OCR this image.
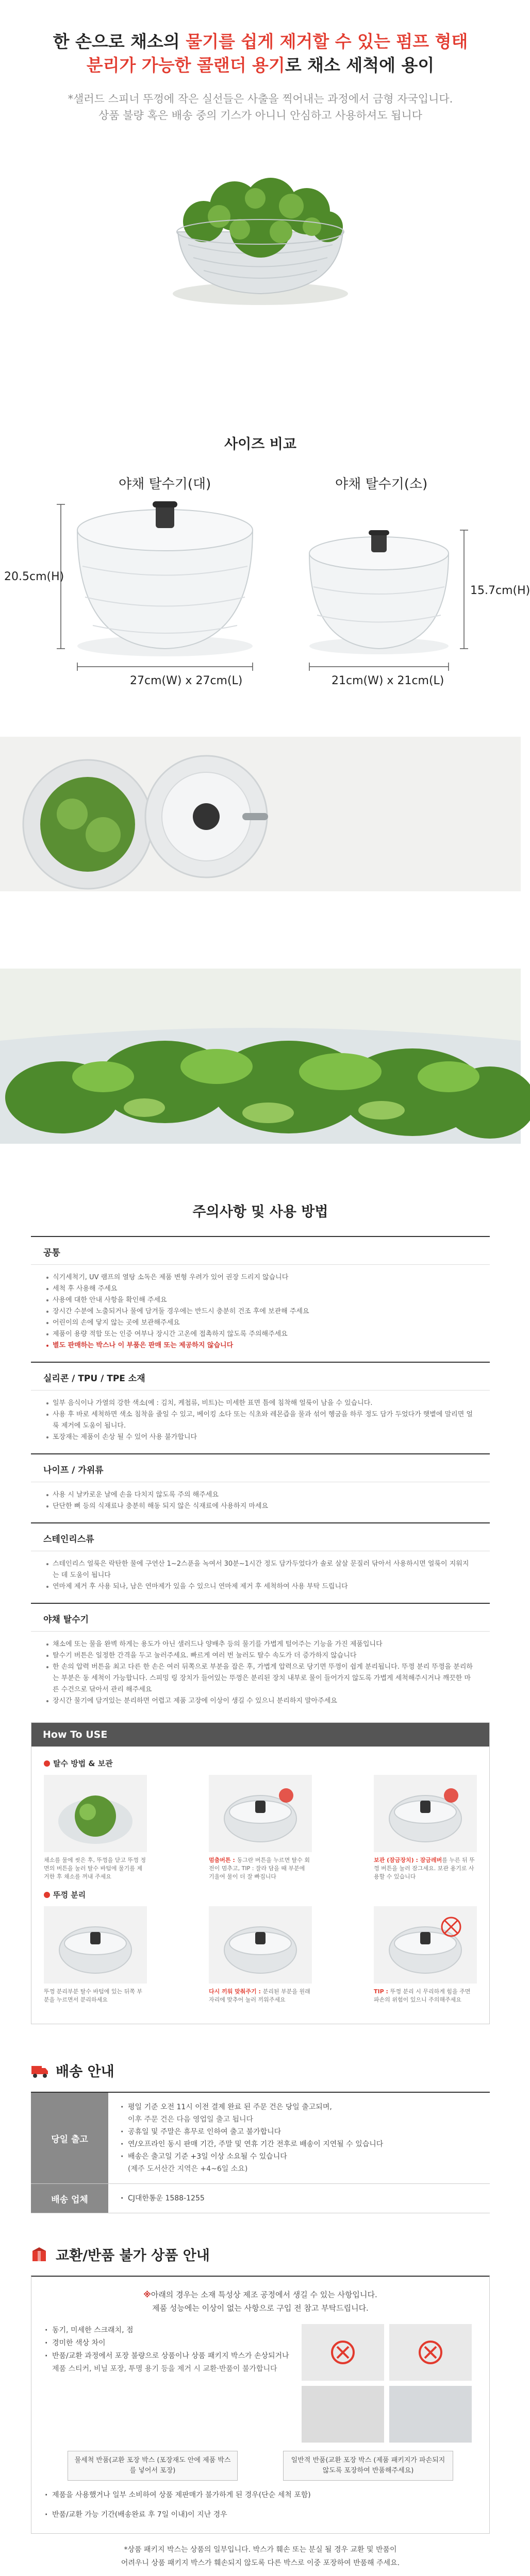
한 손으로 채소의 물기를 쉽게 제거할 수 있는 펌프 형태
분리가 가능한 콜랜더 용기로 채소 세척에 용이
*샐러드 스피너 뚜껑에 작은 실선들은 사출을 찍어내는 과정에서 금형 자국입니다.
상품 불량 혹은 배송 중의 기스가 아니니 안심하고 사용하셔도 됩니다
사이즈 비교
야채 탈수기(대)	야채 탈수기(소)
20.5cm(H)
27cm(W) x 27cm(L)
15.7cm(H)
21cm(W) x 21cm(L)
주의사항 및 사용 방법
공통
식기세척기, UV 램프의 열탕 소독은 제품 변형 우려가 있어 권장 드리지 않습니다
세척 후 사용해 주세요
사용에 대한 안내 사항을 확인해 주세요
장시간 수분에 노출되거나 물에 담겨둘 경우에는 반드시 충분히 건조 후에 보관해 주세요
어린이의 손에 닿지 않는 곳에 보관해주세요
제품이 용량 적합 또는 인증 여부나 장시간 고온에 접촉하지 않도록 주의해주세요
별도 판매하는 박스나 이 부품은 판매 또는 제공하지 않습니다
실리콘 / TPU / TPE 소재
일부 음식이나 가열의 강한 색소(예 : 김치, 케첩류, 비트)는 미세한 표면 틈에 침착해 얼룩이 남을 수 있습니다.
사용 후 바로 세척하면 색소 침착을 줄일 수 있고, 베이킹 소다 또는 식초와 레몬즙을 물과 섞어 헹굼을 하루 정도 담가 두었다가 햇볕에 말리면 얼룩 제거에 도움이 됩니다.
포장재는 제품이 손상 될 수 있어 사용 불가합니다
나이프 / 가위류
사용 시 날카로운 날에 손을 다치지 않도록 주의 해주세요
단단한 뼈 등의 식재료나 충분히 해동 되지 않은 식재료에 사용하지 마세요
스테인리스류
스테인리스 얼룩은 락탄한 물에 구연산 1~2스푼을 녹여서 30분~1시간 정도 담가두었다가 솔로 살살 문질러 닦아서 사용하시면 얼룩이 지워지는 데 도움이 됩니다
연마제 제거 후 사용 되나, 남은 연마제가 있을 수 있으니 연마제 제거 후 세척하여 사용 부탁 드립니다
야채 탈수기
채소에 또는 물을 완벽 하게는 용도가 아닌 샐러드나 양배추 등의 물기를 가볍게 털어주는 기능을 가진 제품입니다
탈수기 버튼은 일정한 간격을 두고 눌러주세요. 빠르게 여러 번 눌러도 탈수 속도가 더 증가하지 않습니다
한 손의 압력 버튼을 최고 다른 한 손은 여러 뒤쪽으로 부분을 잡은 후, 가볍게 압력으로 당기면 뚜껑이 쉽게 분리됩니다. 뚜껑 분리 뚜껑을 분리하는 부분은 동 세척이 가능합니다. 스피밍 링 장치가 들어있는 뚜껑은 분리된 장치 내부로 물이 들어가지 않도록 가볍게 세척해주시거나 깨끗한 마른 수건으로 닦아서 관리 해주세요
장시간 물기에 담겨있는 분리하면 어렵고 제품 고장에 이상이 생길 수 있으니 분리하지 말아주세요
How To USE
탈수 방법 & 보관
채소를 물에 씻은 후, 뚜껑을 닫고 뚜껑 정면의 버튼을 눌러 탈수 바텀에 물기를 제거한 후 채소를 꺼내 주세요
멈춤버튼 : 동그란 버튼을 누르면 탈수 회전이 멈추고, TIP : 잘라 담을 때 부분에 기울여 물이 더 잘 빠집니다
보관 (잠금장치) : 잠금레버를 누른 뒤 뚜껑 버튼을 눌러 잠그세요. 보관 용기로 사용할 수 있습니다
뚜껑 분리
뚜껑 분리부분 탈수 바텀에 있는 뒤쪽 부분을 누르면서 분리하세요
다시 끼워 맞춰주기 : 분리된 부분을 원래 자리에 맞추어 눌러 끼워주세요
TIP : 뚜껑 분리 시 무리하게 힘을 주면 파손의 위험이 있으니 주의해주세요
배송 안내
당일 출고
· 평일 기준 오전 11시 이전 결제 완료 된 주문 건은 당일 출고되며,
이후 주문 건은 다음 영업일 출고 됩니다
· 공휴일 및 주말은 휴무로 인하여 출고 불가합니다
· 연/오프라인 동시 판매 기간, 주말 및 연휴 기간 전후로 배송이 지연될 수 있습니다
· 배송은 출고일 기준 +3일 이상 소요될 수 있습니다
(제주 도서산간 지역은 +4~6일 소요)
배송 업체
·	CJ대한통운 1588-1255
교환/반품 불가 상품 안내
※아래의 경우는 소재 특성상 제조 공정에서 생길 수 있는 사항입니다.
제품 성능에는 이상이 없는 사항으로 구입 전 참고 부탁드립니다.
· 동기, 미세한 스크래치, 점
· 경미한 색상 차이
· 반품/교환 과정에서 포장 불량으로 상품이나 상품 패키지 박스가 손상되거나
제품 스티커, 비닐 포장, 투명 용기 등을 제거 시 교환·반품이 불가합니다
물세척 반품(교환 포장 박스 (포장재도 안에 제품 박스를 넣어서 포장)
일반적 반품(교환 포장 박스 (제품 패키지가 파손되지 않도록 포장하여 반품해주세요)
· 제품을 사용했거나 일부 소비하여 상품 제판매가 불가하게 된 경우(단순 세척 포함)
· 반품/교환 가능 기간(배송완료 후 7일 이내)이 지난 경우
*상품 패키지 박스는 상품의 일부입니다. 박스가 훼손 또는 분실 될 경우 교환 및 반품이
어려우니 상품 패키지 박스가 훼손되지 않도록 다른 박스로 이중 포장하여 반품해 주세요.
